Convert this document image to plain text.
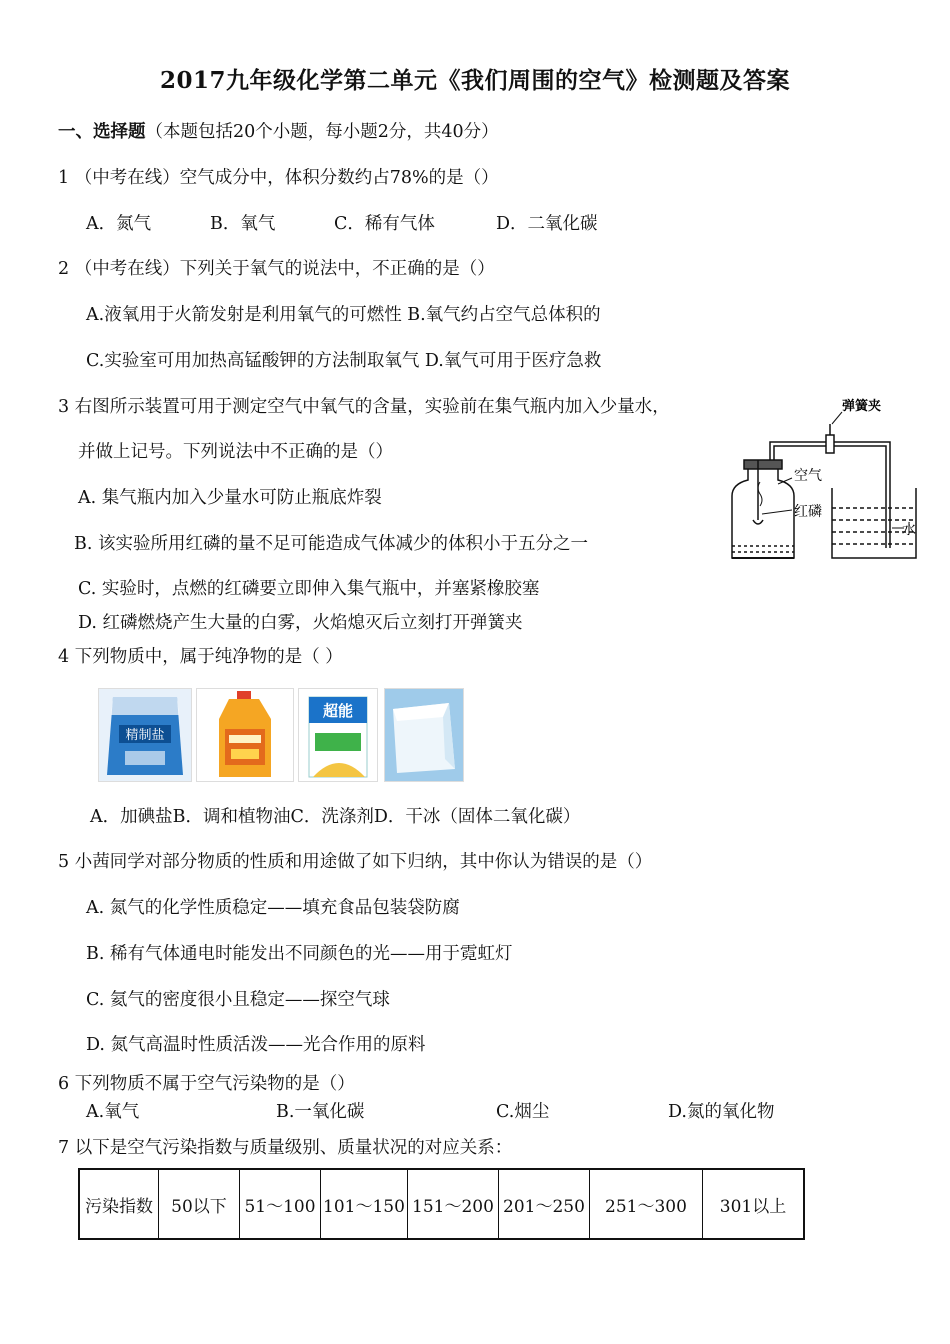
2017九年级化学第二单元《我们周围的空气》检测题及答案
一、选择题（本题包括20个小题，每小题2分，共40分）
1 （中考在线）空气成分中，体积分数约占78%的是（）
A．氮气	B．氧气	C．稀有气体	D．二氧化碳
2 （中考在线）下列关于氧气的说法中，不正确的是（）
A.液氧用于火箭发射是利用氧气的可燃性 B.氧气约占空气总体积的
C.实验室可用加热高锰酸钾的方法制取氧气 D.氧气可用于医疗急救
3 右图所示装置可用于测定空气中氧气的含量，实验前在集气瓶内加入少量水，
并做上记号。下列说法中不正确的是（）
A. 集气瓶内加入少量水可防止瓶底炸裂
B. 该实验所用红磷的量不足可能造成气体减少的体积小于五分之一
C. 实验时，点燃的红磷要立即伸入集气瓶中，并塞紧橡胶塞
D. 红磷燃烧产生大量的白雾，火焰熄灭后立刻打开弹簧夹
弹簧夹
空气
红磷
水
4 下列物质中，属于纯净物的是（ ）
精制盐
超能
A．加碘盐B．调和植物油C．洗涤剂D．干冰（固体二氧化碳）
5 小茜同学对部分物质的性质和用途做了如下归纳，其中你认为错误的是（）
A. 氮气的化学性质稳定——填充食品包装袋防腐
B. 稀有气体通电时能发出不同颜色的光——用于霓虹灯
C. 氦气的密度很小且稳定——探空气球
D. 氮气高温时性质活泼——光合作用的原料
6 下列物质不属于空气污染物的是（）
A.氧气	B.一氧化碳	C.烟尘	D.氮的氧化物
7 以下是空气污染指数与质量级别、质量状况的对应关系：
污染指数	50以下	51～100	101～150	151～200	201～250	251～300	301以上
